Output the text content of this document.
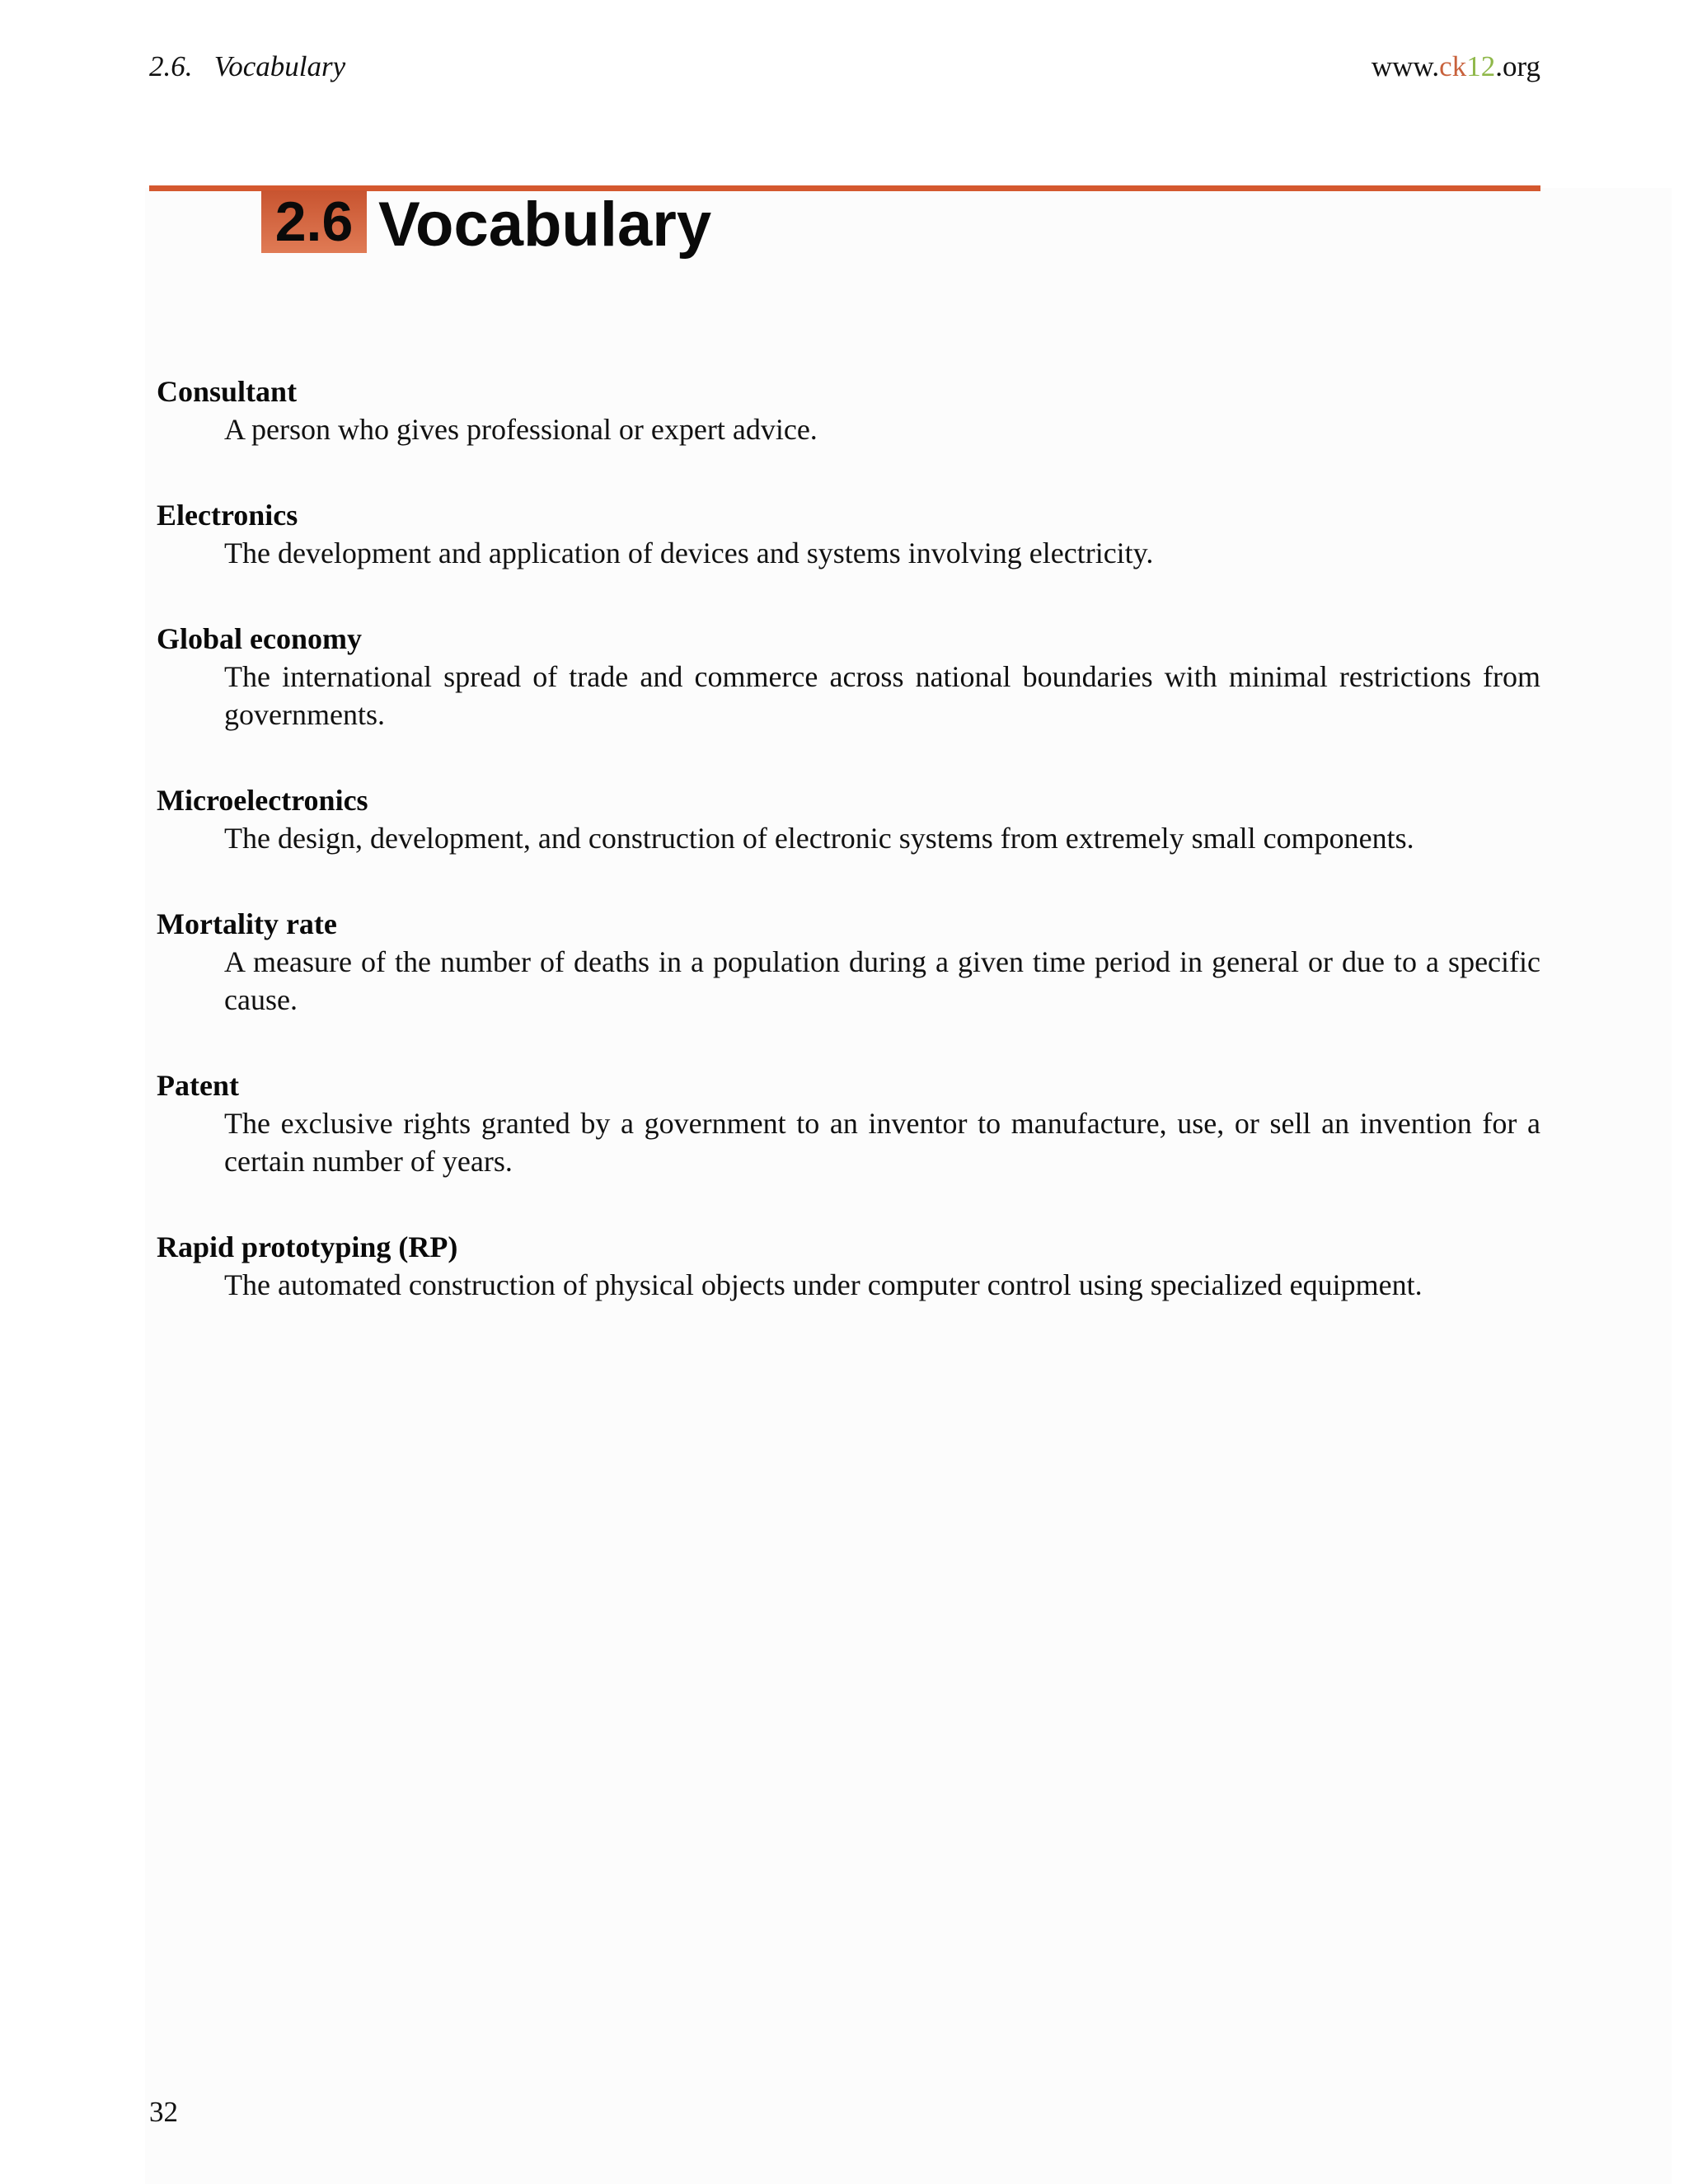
2.6.   Vocabulary	www.ck12.org
2.6 Vocabulary
Consultant
A person who gives professional or expert advice.
Electronics
The development and application of devices and systems involving electricity.
Global economy
The international spread of trade and commerce across national boundaries with minimal restrictions from governments.
Microelectronics
The design, development, and construction of electronic systems from extremely small components.
Mortality rate
A measure of the number of deaths in a population during a given time period in general or due to a specific cause.
Patent
The exclusive rights granted by a government to an inventor to manufacture, use, or sell an invention for a certain number of years.
Rapid prototyping (RP)
The automated construction of physical objects under computer control using specialized equipment.
32
